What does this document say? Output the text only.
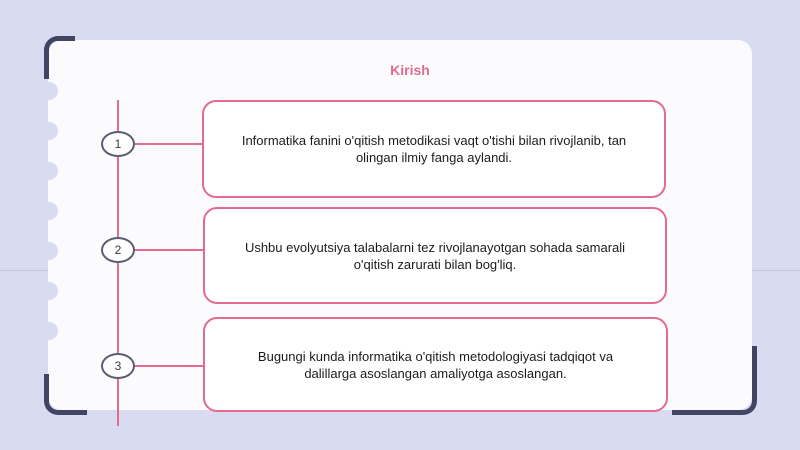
Kirish
1	Informatika fanini o'qitish metodikasi vaqt o'tishi bilan rivojlanib, tan olingan ilmiy fanga aylandi.
2	Ushbu evolyutsiya talabalarni tez rivojlanayotgan sohada samarali o'qitish zarurati bilan bog'liq.
3
Bugungi kunda informatika o'qitish metodologiyasi tadqiqot va dalillarga asoslangan amaliyotga asoslangan.
